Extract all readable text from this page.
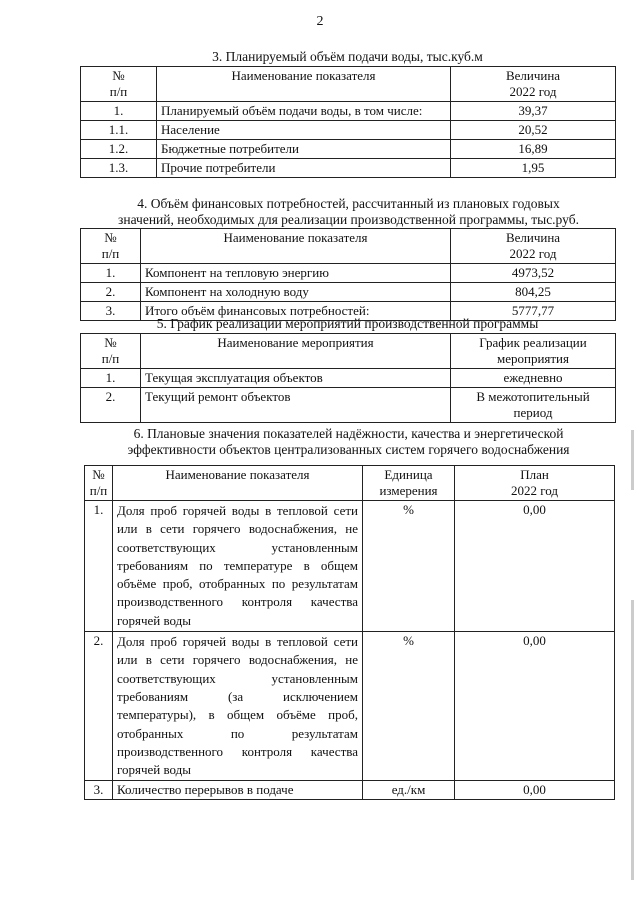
2
3. Планируемый объём подачи воды, тыс.куб.м
№
п/п	Наименование показателя	Величина
2022 год
1.	Планируемый объём подачи воды, в том числе:	39,37
1.1.	Население	20,52
1.2.	Бюджетные потребители	16,89
1.3.	Прочие потребители	1,95
4. Объём финансовых потребностей, рассчитанный из плановых годовых
значений, необходимых для реализации производственной программы, тыс.руб.
№
п/п	Наименование показателя	Величина
2022 год
1.	Компонент на тепловую энергию	4973,52
2.	Компонент на холодную воду	804,25
3.	Итого объём финансовых потребностей:	5777,77
5. График реализации мероприятий производственной программы
№
п/п	Наименование мероприятия	График реализации
мероприятия
1.	Текущая эксплуатация объектов	ежедневно
2.	Текущий ремонт объектов	В межотопительный
период
6. Плановые значения показателей надёжности, качества и энергетической
эффективности объектов централизованных систем горячего водоснабжения
№
п/п	Наименование показателя	Единица
измерения	План
2022 год
1.	Доля проб горячей воды в тепловой сети или в сети горячего водоснабжения, не соответствующих установленным требованиям по температуре в общем объёме проб, отобранных по результатам производственного контроля качества горячей воды	%	0,00
2.	Доля проб горячей воды в тепловой сети или в сети горячего водоснабжения, не соответствующих установленным требованиям (за исключением температуры), в общем объёме проб, отобранных по результатам производственного контроля качества горячей воды	%	0,00
3.	Количество перерывов в подаче	ед./км	0,00
